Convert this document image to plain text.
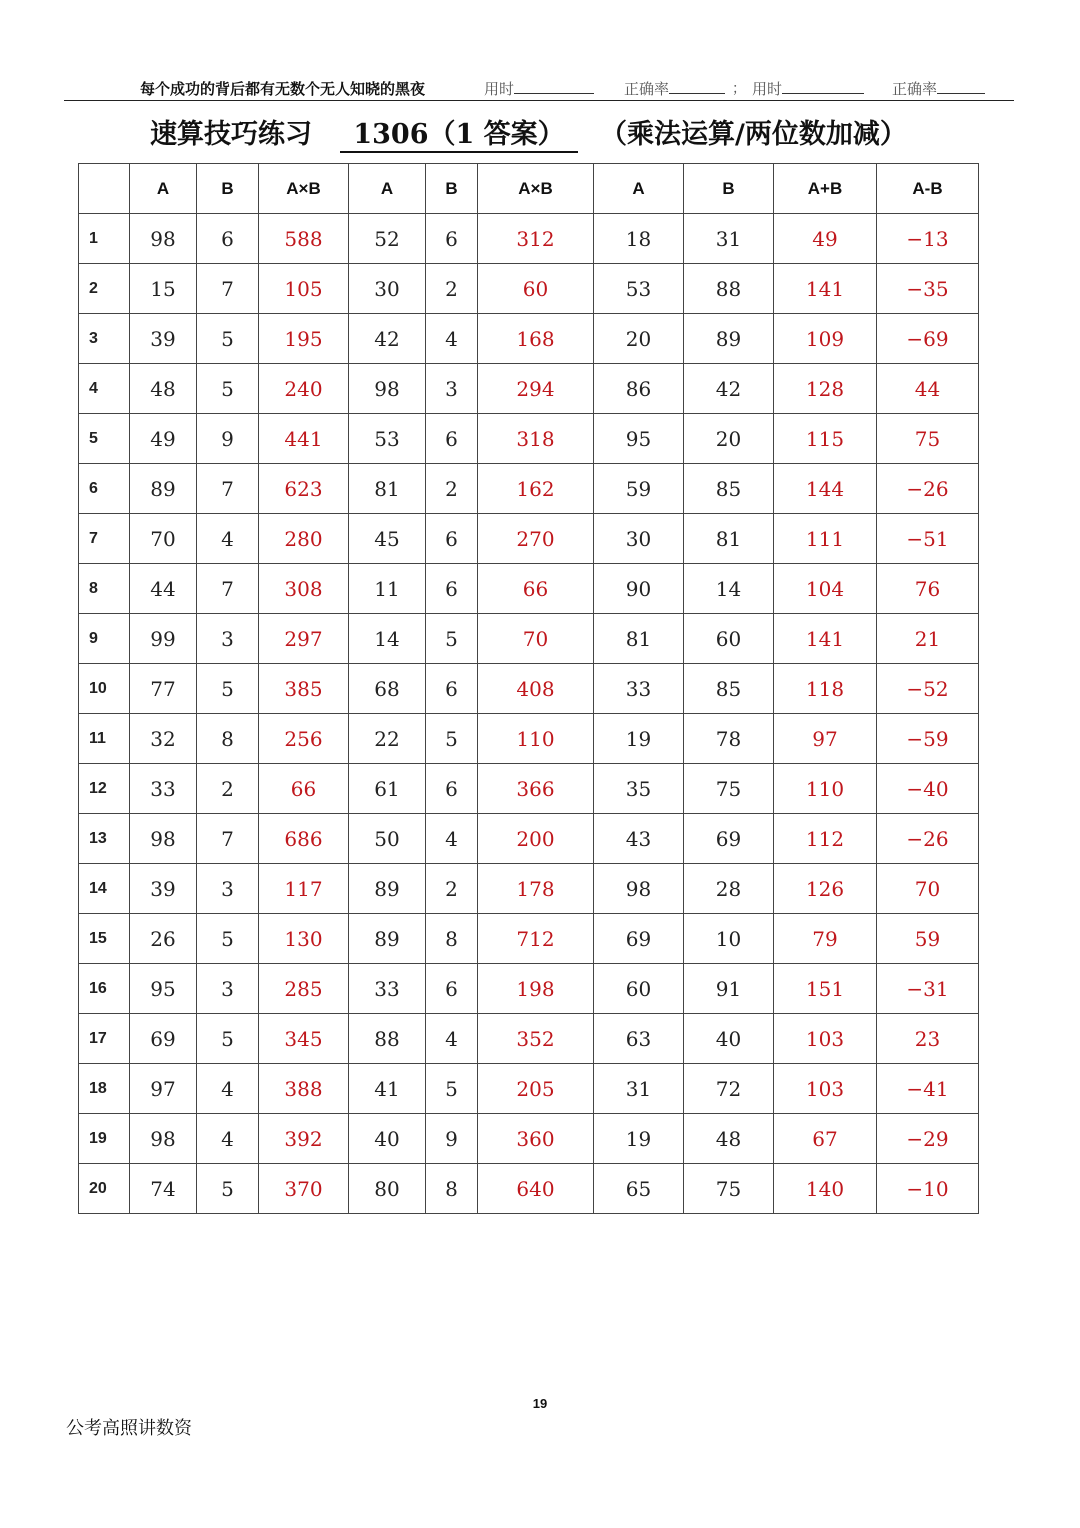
每个成功的背后都有无数个无人知晓的黑夜	用时	正确率	； 用时	正确率
速算技巧练习	1306（1 答案）	（乘法运算/两位数加减）
	A	B	A×B	A	B	A×B	A	B	A+B	A-B
1	98	6	588	52	6	312	18	31	49	−13
2	15	7	105	30	2	60	53	88	141	−35
3	39	5	195	42	4	168	20	89	109	−69
4	48	5	240	98	3	294	86	42	128	44
5	49	9	441	53	6	318	95	20	115	75
6	89	7	623	81	2	162	59	85	144	−26
7	70	4	280	45	6	270	30	81	111	−51
8	44	7	308	11	6	66	90	14	104	76
9	99	3	297	14	5	70	81	60	141	21
10	77	5	385	68	6	408	33	85	118	−52
11	32	8	256	22	5	110	19	78	97	−59
12	33	2	66	61	6	366	35	75	110	−40
13	98	7	686	50	4	200	43	69	112	−26
14	39	3	117	89	2	178	98	28	126	70
15	26	5	130	89	8	712	69	10	79	59
16	95	3	285	33	6	198	60	91	151	−31
17	69	5	345	88	4	352	63	40	103	23
18	97	4	388	41	5	205	31	72	103	−41
19	98	4	392	40	9	360	19	48	67	−29
20	74	5	370	80	8	640	65	75	140	−10
19
公考高照讲数资
